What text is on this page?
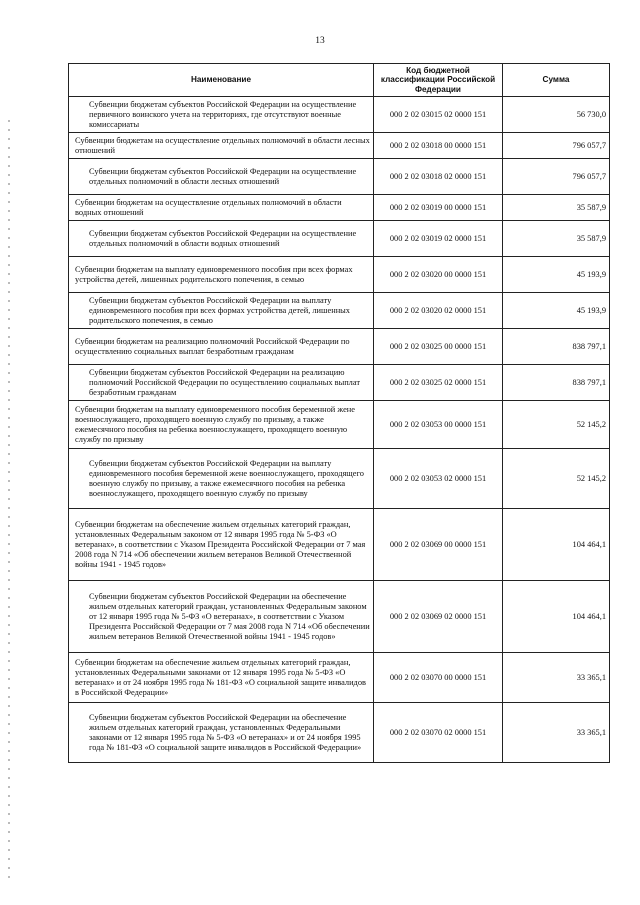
13
Наименование	Код бюджетной классификации Российской Федерации	Сумма
Субвенции бюджетам субъектов Российской Федерации на осуществление первичного воинского учета на территориях, где отсутствуют военные комиссариаты	000 2 02 03015 02 0000 151	56 730,0
Субвенции бюджетам на осуществление отдельных полномочий в области лесных отношений	000 2 02 03018 00 0000 151	796 057,7
Субвенции бюджетам субъектов Российской Федерации на осуществление отдельных полномочий в области лесных отношений	000 2 02 03018 02 0000 151	796 057,7
Субвенции бюджетам на осуществление отдельных полномочий в области водных отношений	000 2 02 03019 00 0000 151	35 587,9
Субвенции бюджетам субъектов Российской Федерации на осуществление отдельных полномочий в области водных отношений	000 2 02 03019 02 0000 151	35 587,9
Субвенции бюджетам на выплату единовременного пособия при всех формах устройства детей, лишенных родительского попечения, в семью	000 2 02 03020 00 0000 151	45 193,9
Субвенции бюджетам субъектов Российской Федерации на выплату единовременного пособия при всех формах устройства детей, лишенных родительского попечения, в семью	000 2 02 03020 02 0000 151	45 193,9
Субвенции бюджетам на реализацию полномочий Российской Федерации по осуществлению социальных выплат безработным гражданам	000 2 02 03025 00 0000 151	838 797,1
Субвенции бюджетам субъектов Российской Федерации на реализацию полномочий Российской Федерации по осуществлению социальных выплат безработным гражданам	000 2 02 03025 02 0000 151	838 797,1
Субвенции бюджетам на выплату единовременного пособия беременной жене военнослужащего, проходящего военную службу по призыву, а также ежемесячного пособия на ребенка военнослужащего, проходящего военную службу по призыву	000 2 02 03053 00 0000 151	52 145,2
Субвенции бюджетам субъектов Российской Федерации на выплату единовременного пособия беременной жене военнослужащего, проходящего военную службу по призыву, а также ежемесячного пособия на ребенка военнослужащего, проходящего военную службу по призыву	000 2 02 03053 02 0000 151	52 145,2
Субвенции бюджетам на обеспечение жильем отдельных категорий граждан, установленных Федеральным законом от 12 января 1995 года № 5-ФЗ «О ветеранах», в соответствии с Указом Президента Российской Федерации от 7 мая 2008 года N 714 «Об обеспечении жильем ветеранов Великой Отечественной войны 1941 - 1945 годов»	000 2 02 03069 00 0000 151	104 464,1
Субвенции бюджетам субъектов Российской Федерации на обеспечение жильем отдельных категорий граждан, установленных Федеральным законом от 12 января 1995 года № 5-ФЗ «О ветеранах», в соответствии с Указом Президента Российской Федерации от 7 мая 2008 года N 714 «Об обеспечении жильем ветеранов Великой Отечественной войны 1941 - 1945 годов»	000 2 02 03069 02 0000 151	104 464,1
Субвенции бюджетам на обеспечение жильем отдельных категорий граждан, установленных Федеральными законами от 12 января 1995 года № 5-ФЗ «О ветеранах» и от 24 ноября 1995 года № 181-ФЗ «О социальной защите инвалидов в Российской Федерации»	000 2 02 03070 00 0000 151	33 365,1
Субвенции бюджетам субъектов Российской Федерации на обеспечение жильем отдельных категорий граждан, установленных Федеральными законами от 12 января 1995 года № 5-ФЗ «О ветеранах» и от 24 ноября 1995 года № 181-ФЗ «О социальной защите инвалидов в Российской Федерации»	000 2 02 03070 02 0000 151	33 365,1
